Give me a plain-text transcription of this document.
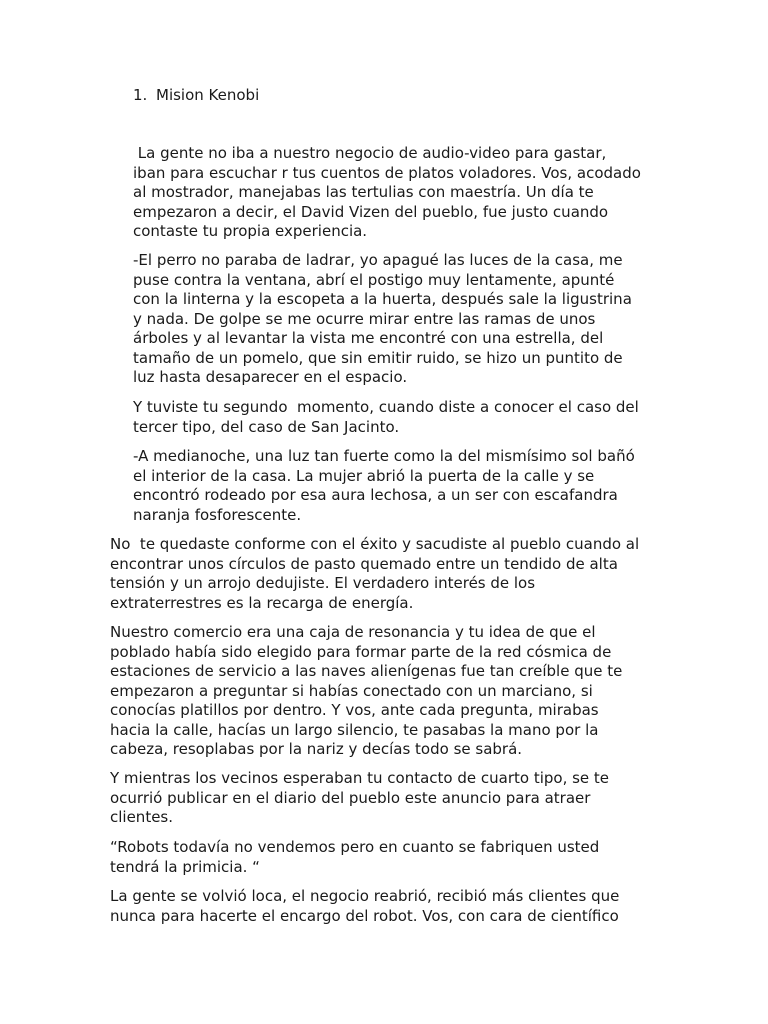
1. Mision Kenobi

La gente no iba a nuestro negocio de audio-video para gastar,
iban para escuchar r tus cuentos de platos voladores. Vos, acodado
al mostrador, manejabas las tertulias con maestría. Un día te
empezaron a decir, el David Vizen del pueblo, fue justo cuando
contaste tu propia experiencia.

-El perro no paraba de ladrar, yo apagué las luces de la casa, me
puse contra la ventana, abrí el postigo muy lentamente, apunté
con la linterna y la escopeta a la huerta, después sale la ligustrina
y nada. De golpe se me ocurre mirar entre las ramas de unos
árboles y al levantar la vista me encontré con una estrella, del
tamaño de un pomelo, que sin emitir ruido, se hizo un puntito de
luz hasta desaparecer en el espacio.

Y tuviste tu segundo  momento, cuando diste a conocer el caso del
tercer tipo, del caso de San Jacinto.

-A medianoche, una luz tan fuerte como la del mismísimo sol bañó
el interior de la casa. La mujer abrió la puerta de la calle y se
encontró rodeado por esa aura lechosa, a un ser con escafandra
naranja fosforescente.

No  te quedaste conforme con el éxito y sacudiste al pueblo cuando al
encontrar unos círculos de pasto quemado entre un tendido de alta
tensión y un arrojo dedujiste. El verdadero interés de los
extraterrestres es la recarga de energía.

Nuestro comercio era una caja de resonancia y tu idea de que el
poblado había sido elegido para formar parte de la red cósmica de
estaciones de servicio a las naves alienígenas fue tan creíble que te
empezaron a preguntar si habías conectado con un marciano, si
conocías platillos por dentro. Y vos, ante cada pregunta, mirabas
hacia la calle, hacías un largo silencio, te pasabas la mano por la
cabeza, resoplabas por la nariz y decías todo se sabrá.

Y mientras los vecinos esperaban tu contacto de cuarto tipo, se te
ocurrió publicar en el diario del pueblo este anuncio para atraer
clientes.

“Robots todavía no vendemos pero en cuanto se fabriquen usted
tendrá la primicia. “

La gente se volvió loca, el negocio reabrió, recibió más clientes que
nunca para hacerte el encargo del robot. Vos, con cara de científico
